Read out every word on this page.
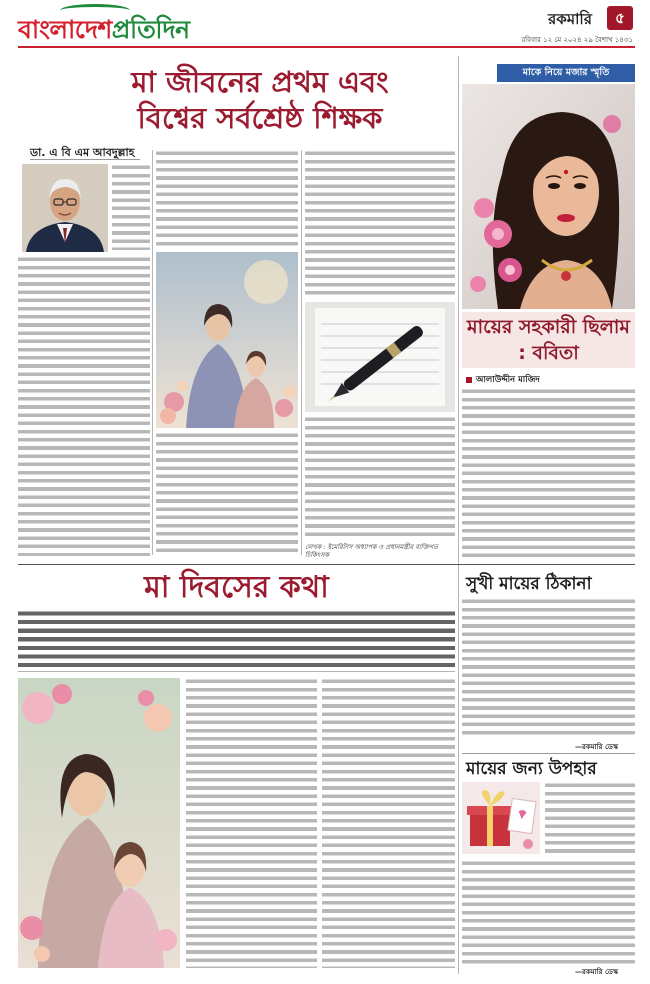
বাংলাদেশপ্রতিদিন	রকমারি	৫
রবিবার ১২ মে ২০২৪ ২৯ বৈশাখ ১৪৩১
মা জীবনের প্রথম এবং
বিশ্বের সর্বশ্রেষ্ঠ শিক্ষক
ডা. এ বি এম আবদুল্লাহ
লেখক : ইমেরিটাস অধ্যাপক ও প্রধানমন্ত্রীর ব্যক্তিগত চিকিৎসক
মাকে নিয়ে মজার স্মৃতি
মায়ের সহকারী ছিলাম : ববিতা
আলাউদ্দীন মাজিদ
মা দিবসের কথা	সুখী মায়ের ঠিকানা
—রকমারি ডেস্ক
মায়ের জন্য উপহার
—রকমারি ডেস্ক
